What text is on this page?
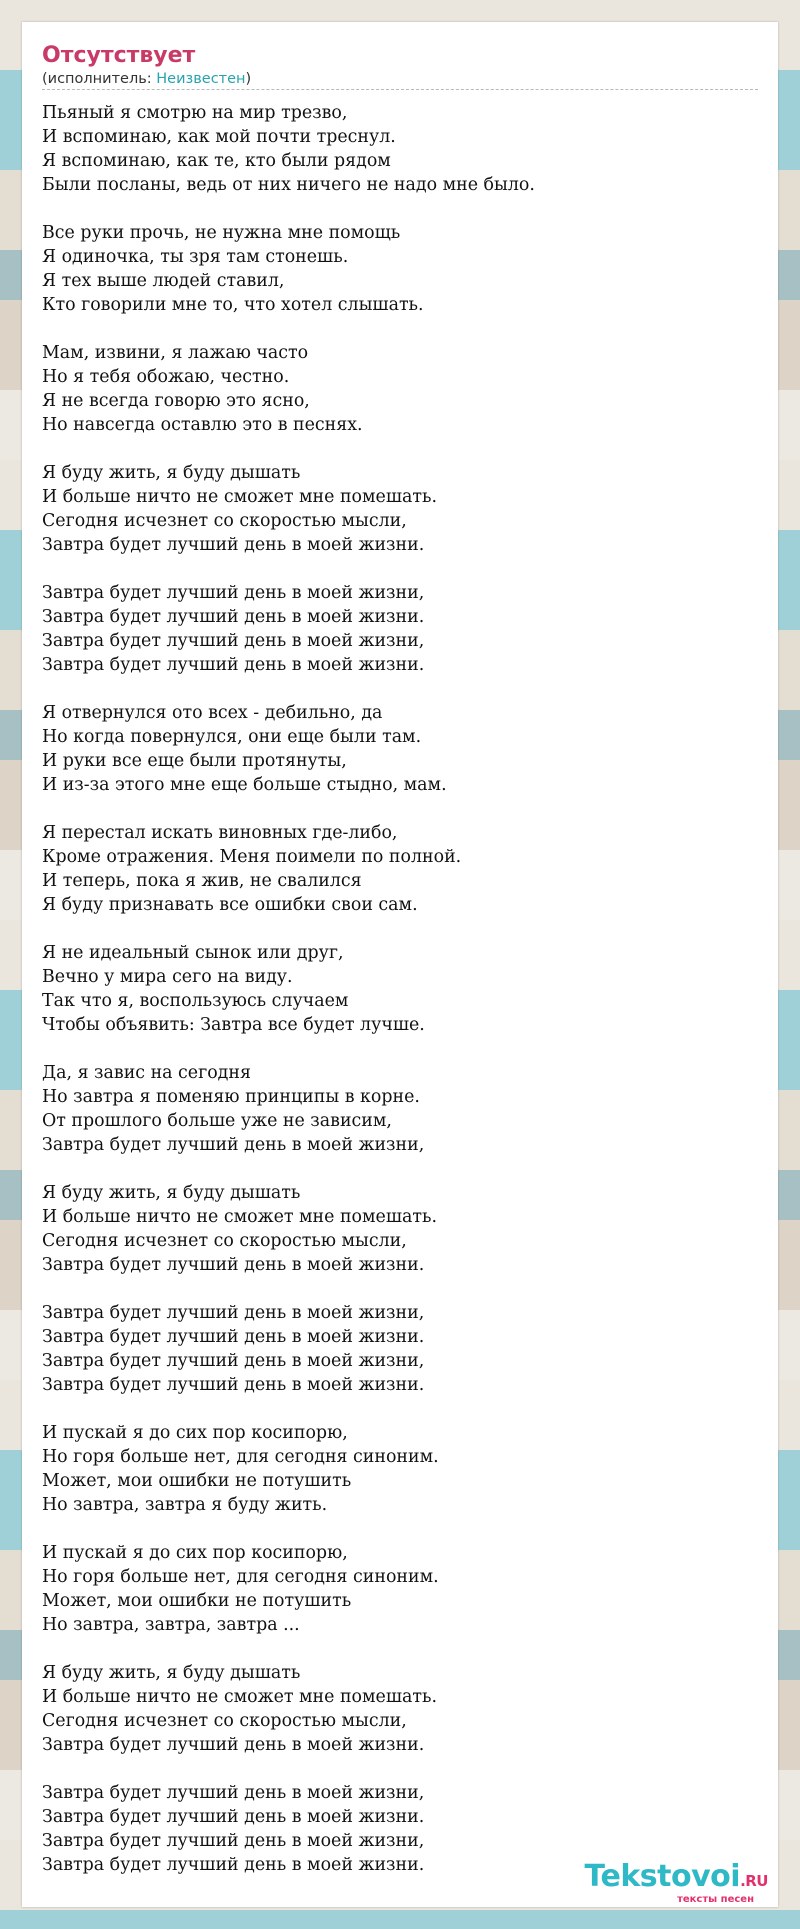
Отсутствует
(исполнитель: Неизвестен)
Пьяный я смотрю на мир трезво,
И вспоминаю, как мой почти треснул.
Я вспоминаю, как те, кто были рядом
Были посланы, ведь от них ничего не надо мне было.
Все руки прочь, не нужна мне помощь
Я одиночка, ты зря там стонешь.
Я тех выше людей ставил,
Кто говорили мне то, что хотел слышать.
Мам, извини, я лажаю часто
Но я тебя обожаю, честно.
Я не всегда говорю это ясно,
Но навсегда оставлю это в песнях.
Я буду жить, я буду дышать
И больше ничто не сможет мне помешать.
Сегодня исчезнет со скоростью мысли,
Завтра будет лучший день в моей жизни.
Завтра будет лучший день в моей жизни,
Завтра будет лучший день в моей жизни.
Завтра будет лучший день в моей жизни,
Завтра будет лучший день в моей жизни.
Я отвернулся ото всех - дебильно, да
Но когда повернулся, они еще были там.
И руки все еще были протянуты,
И из-за этого мне еще больше стыдно, мам.
Я перестал искать виновных где-либо,
Кроме отражения. Меня поимели по полной.
И теперь, пока я жив, не свалился
Я буду признавать все ошибки свои сам.
Я не идеальный сынок или друг,
Вечно у мира сего на виду.
Так что я, воспользуюсь случаем
Чтобы объявить: Завтра все будет лучше.
Да, я завис на сегодня
Но завтра я поменяю принципы в корне.
От прошлого больше уже не зависим,
Завтра будет лучший день в моей жизни,
Я буду жить, я буду дышать
И больше ничто не сможет мне помешать.
Сегодня исчезнет со скоростью мысли,
Завтра будет лучший день в моей жизни.
Завтра будет лучший день в моей жизни,
Завтра будет лучший день в моей жизни.
Завтра будет лучший день в моей жизни,
Завтра будет лучший день в моей жизни.
И пускай я до сих пор косипорю,
Но горя больше нет, для сегодня синоним.
Может, мои ошибки не потушить
Но завтра, завтра я буду жить.
И пускай я до сих пор косипорю,
Но горя больше нет, для сегодня синоним.
Может, мои ошибки не потушить
Но завтра, завтра, завтра ...
Я буду жить, я буду дышать
И больше ничто не сможет мне помешать.
Сегодня исчезнет со скоростью мысли,
Завтра будет лучший день в моей жизни.
Завтра будет лучший день в моей жизни,
Завтра будет лучший день в моей жизни.
Завтра будет лучший день в моей жизни,
Завтра будет лучший день в моей жизни.	Tekstovoi.RU
тексты песен
